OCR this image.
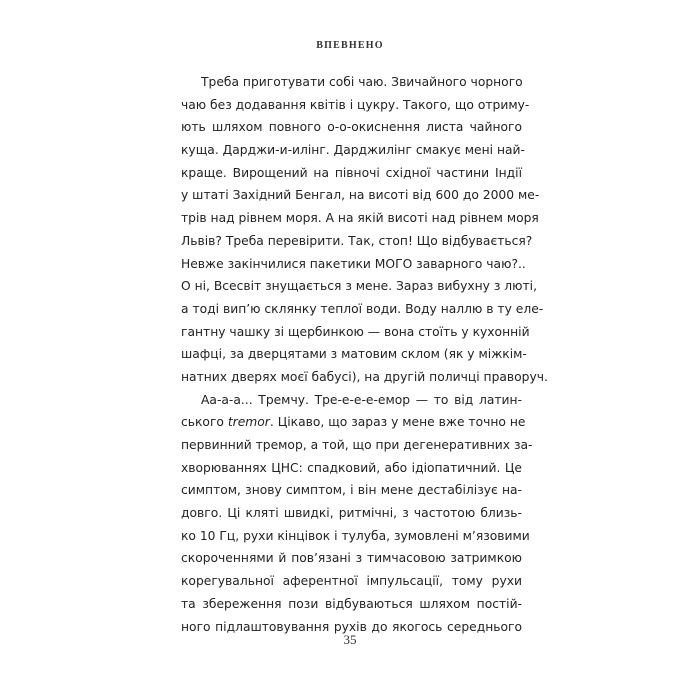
ВПЕВНЕНО
Треба приготувати собі чаю. Звичайного чорного
чаю без додавання квітів і цукру. Такого, що отриму-
ють шляхом повного о-о-окиснення листа чайного
куща. Дарджи-и-илінг. Дарджилінг смакує мені най-
краще. Вирощений на півночі східної частини Індії
у штаті Західний Бенгал, на висоті від 600 до 2000 ме-
трів над рівнем моря. А на якій висоті над рівнем моря
Львів? Треба перевірити. Так, стоп! Що відбувається?
Невже закінчилися пакетики МОГО заварного чаю?..
О ні, Всесвіт знущається з мене. Зараз вибухну з люті,
а тоді вип’ю склянку теплої води. Воду наллю в ту еле-
гантну чашку зі щербинкою — вона стоїть у кухонній
шафці, за дверцятами з матовим склом (як у міжкім-
натних дверях моєї бабусі), на другій поличці праворуч.
Аа-а-а... Тремчу. Тре-е-е-е-емор — то від латин-
ського tremor. Цікаво, що зараз у мене вже точно не
первинний тремор, а той, що при дегенеративних за-
хворюваннях ЦНС: спадковий, або ідіопатичний. Це
симптом, знову симптом, і він мене дестабілізує на-
довго. Ці кляті швидкі, ритмічні, з частотою близь-
ко 10 Гц, рухи кінцівок і тулуба, зумовлені м’язовими
скороченнями й пов’язані з тимчасовою затримкою
корегувальної аферентної імпульсації, тому рухи
та збереження пози відбуваються шляхом постій-
ного підлаштовування рухів до якогось середнього
35
